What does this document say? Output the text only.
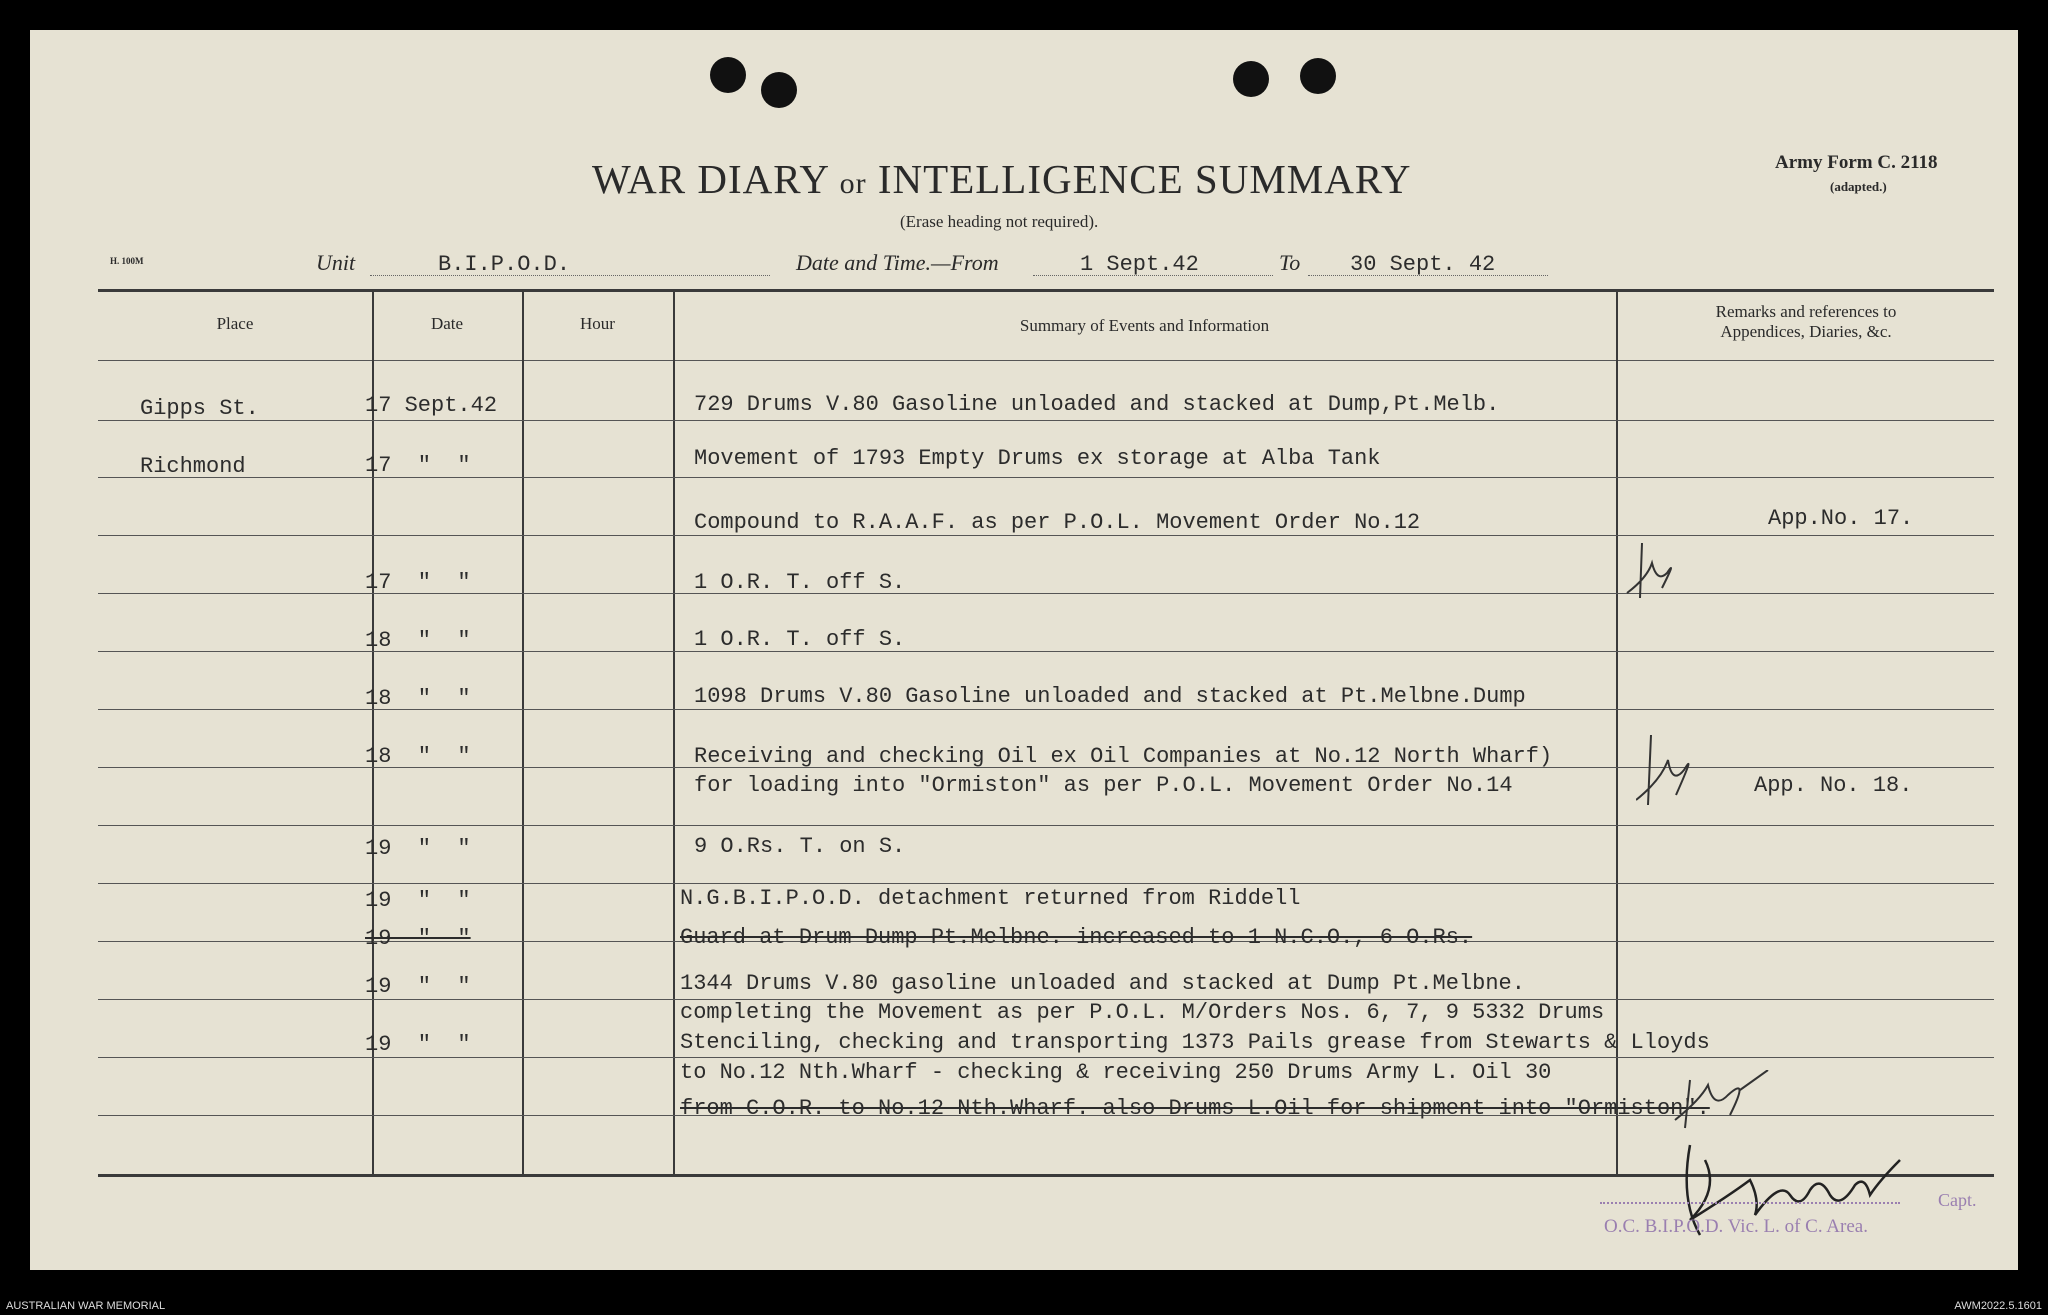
WAR DIARY or INTELLIGENCE SUMMARY
(Erase heading not required).
Army Form C. 2118
(adapted.)
H. 100M	Unit	B.I.P.O.D.	Date and Time.—From	1 Sept.42	To 30 Sept. 42
Place	Date	Hour	Summary of Events and Information
Remarks and references to
Appendices, Diaries, &c.
Gipps St.	17 Sept.42	729 Drums V.80 Gasoline unloaded and stacked at Dump,Pt.Melb.
Richmond	17  "  "	Movement of 1793 Empty Drums ex storage at Alba Tank
Compound to R.A.A.F. as per P.O.L. Movement Order No.12	App.No. 17.
17  "  "	1 O.R. T. off S.
18  "  "	1 O.R. T. off S.
18  "  "	1098 Drums V.80 Gasoline unloaded and stacked at Pt.Melbne.Dump
18  "  "	Receiving and checking Oil ex Oil Companies at No.12 North Wharf)
for loading into "Ormiston" as per P.O.L. Movement Order No.14	App. No. 18.
19  "  "	9 O.Rs. T. on S.
19  "  "	N.G.B.I.P.O.D. detachment returned from Riddell
19  "  "	Guard at Drum Dump Pt.Melbne. increased to 1 N.C.O., 6 O.Rs.
19  "  "	1344 Drums V.80 gasoline unloaded and stacked at Dump Pt.Melbne.
completing the Movement as per P.O.L. M/Orders Nos. 6, 7, 9 5332 Drums
19  "  "	Stenciling, checking and transporting 1373 Pails grease from Stewarts & Lloyds
to No.12 Nth.Wharf - checking & receiving 250 Drums Army L. Oil 30
from C.O.R. to No.12 Nth.Wharf. also Drums L.Oil for shipment into "Ormiston".
Capt.
O.C. B.I.P.O.D. Vic. L. of C. Area.
AUSTRALIAN WAR MEMORIAL	AWM2022.5.1601
